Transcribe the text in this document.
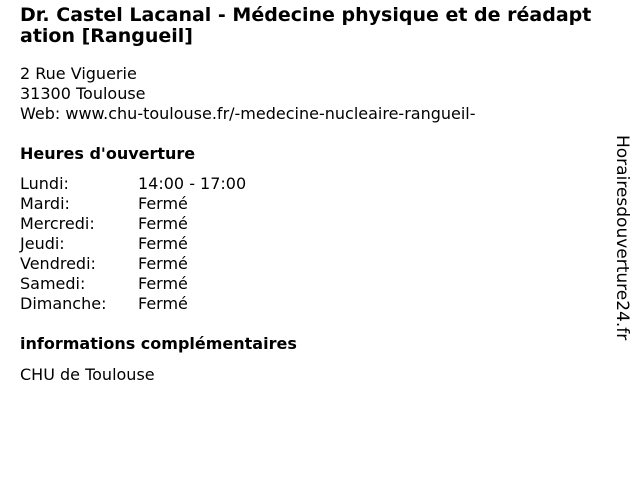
Dr. Castel Lacanal - Médecine physique et de réadaptation [Rangueil]
2 Rue Viguerie
31300 Toulouse
Web: www.chu-toulouse.fr/-medecine-nucleaire-rangueil-
Heures d'ouverture
Lundi:	14:00 - 17:00
Mardi:	Fermé
Mercredi:	Fermé
Jeudi:	Fermé
Vendredi:	Fermé
Samedi:	Fermé
Dimanche:	Fermé
informations complémentaires
CHU de Toulouse
Horairesdouverture24.fr
